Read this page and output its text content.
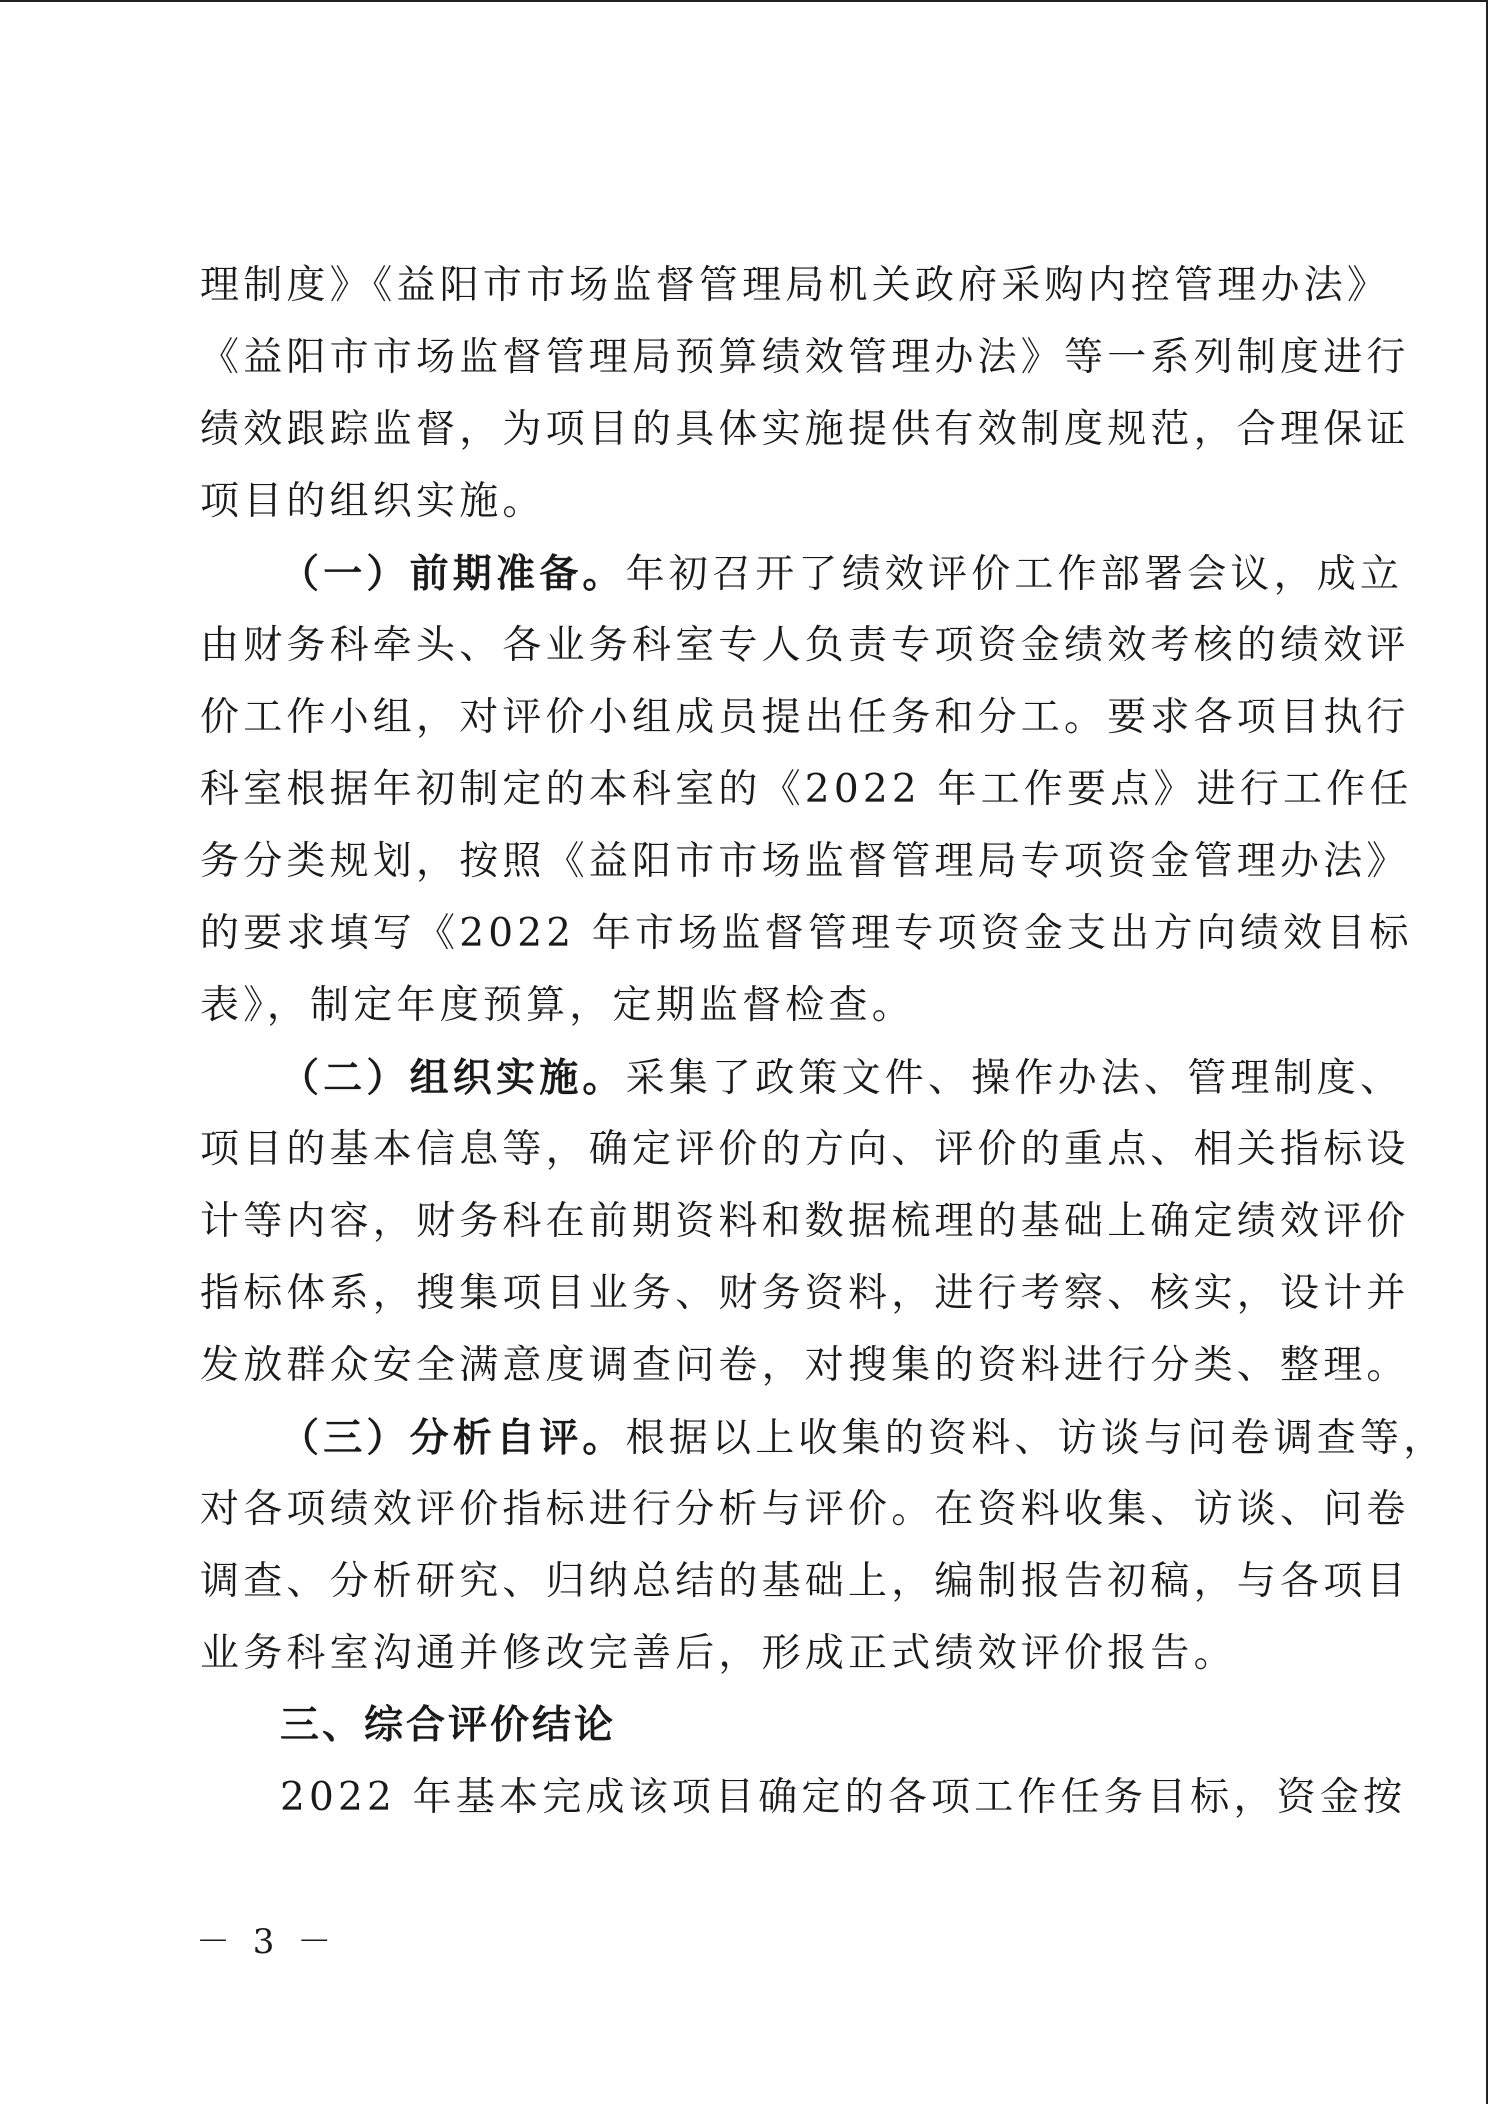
理制度》《益阳市市场监督管理局机关政府采购内控管理办法》
《益阳市市场监督管理局预算绩效管理办法》等一系列制度进行
绩效跟踪监督，为项目的具体实施提供有效制度规范，合理保证
项目的组织实施。
（一）前期准备。年初召开了绩效评价工作部署会议，成立
由财务科牵头、各业务科室专人负责专项资金绩效考核的绩效评
价工作小组，对评价小组成员提出任务和分工。要求各项目执行
科室根据年初制定的本科室的《2022 年工作要点》进行工作任
务分类规划，按照《益阳市市场监督管理局专项资金管理办法》
的要求填写《2022 年市场监督管理专项资金支出方向绩效目标
表》，制定年度预算，定期监督检查。
（二）组织实施。采集了政策文件、操作办法、管理制度、
项目的基本信息等，确定评价的方向、评价的重点、相关指标设
计等内容，财务科在前期资料和数据梳理的基础上确定绩效评价
指标体系，搜集项目业务、财务资料，进行考察、核实，设计并
发放群众安全满意度调查问卷，对搜集的资料进行分类、整理。
（三）分析自评。根据以上收集的资料、访谈与问卷调查等，
对各项绩效评价指标进行分析与评价。在资料收集、访谈、问卷
调查、分析研究、归纳总结的基础上，编制报告初稿，与各项目
业务科室沟通并修改完善后，形成正式绩效评价报告。
三、综合评价结论
2022 年基本完成该项目确定的各项工作任务目标，资金按
－ 3 －
